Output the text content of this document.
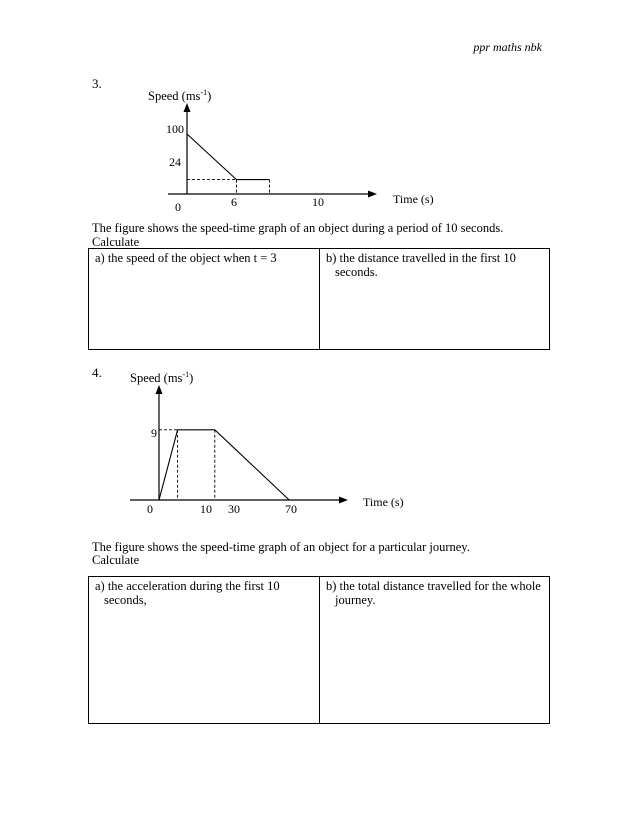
ppr maths nbk
3.
Speed $(ms^{-1})$
0
100
24
6	10	Time (s)
The figure shows the speed-time graph of an object during a period of 10 seconds.
Calculate
a) the speed of the object when t = 3	b) the distance travelled in the first 10 seconds.
4. Speed $(ms^{-1})$
0
9
10 30	70	Time (s)
The figure shows the speed-time graph of an object for a particular journey.
Calculate
a) the acceleration during the first 10 seconds,
b) the total distance travelled for the whole journey.
